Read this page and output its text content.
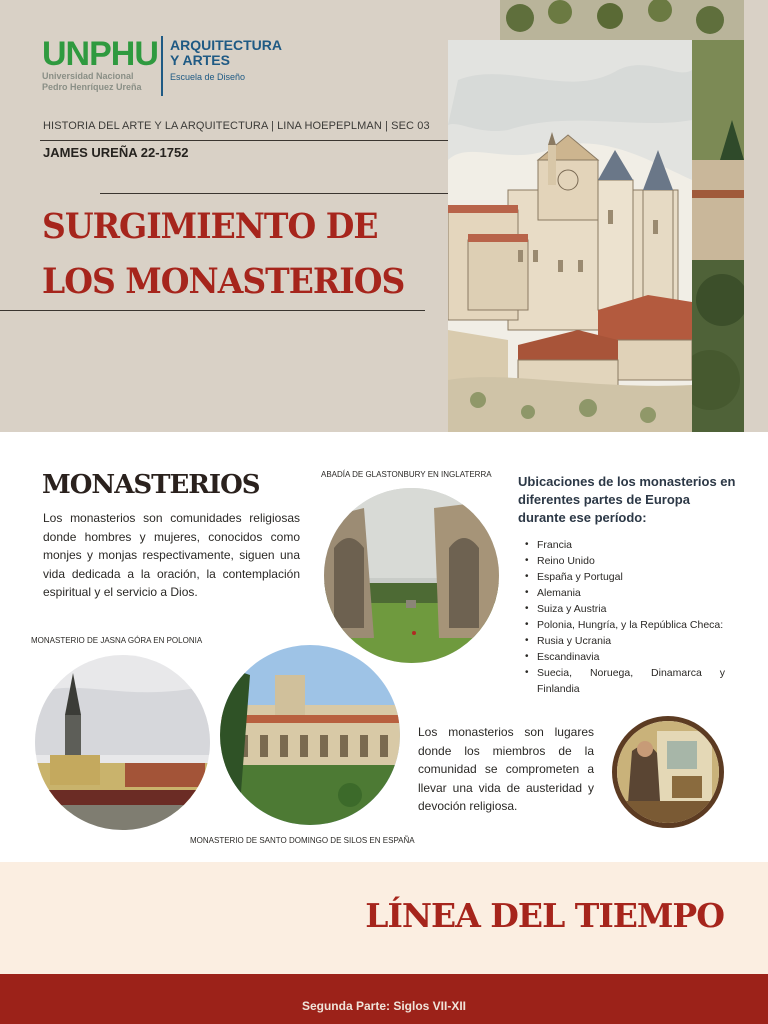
UNPHU
Universidad Nacional
Pedro Henríquez Ureña
ARQUITECTURA
Y ARTES
Escuela de Diseño
HISTORIA DEL ARTE Y LA ARQUITECTURA | LINA HOEPEPLMAN | SEC 03
JAMES UREÑA 22-1752
SURGIMIENTO DE
LOS MONASTERIOS
MONASTERIOS
Los monasterios son comunidades religiosas donde hombres y mujeres, conocidos como monjes y monjas respectivamente, siguen una vida dedicada a la oración, la contemplación espiritual y el servicio a Dios.
ABADÍA DE GLASTONBURY EN INGLATERRA
MONASTERIO DE JASNA GÓRA EN POLONIA
MONASTERIO DE SANTO DOMINGO DE SILOS EN ESPAÑA
Ubicaciones de los monasterios en diferentes partes de Europa durante ese período:
• Francia
• Reino Unido
• España y Portugal
• Alemania
• Suiza y Austria
• Polonia, Hungría, y la República Checa:
• Rusia y Ucrania
• Escandinavia
• Suecia, Noruega, Dinamarca y Finlandia
Los monasterios son lugares donde los miembros de la comunidad se comprometen a llevar una vida de austeridad y devoción religiosa.
LÍNEA DEL TIEMPO
Segunda Parte: Siglos VII-XII
